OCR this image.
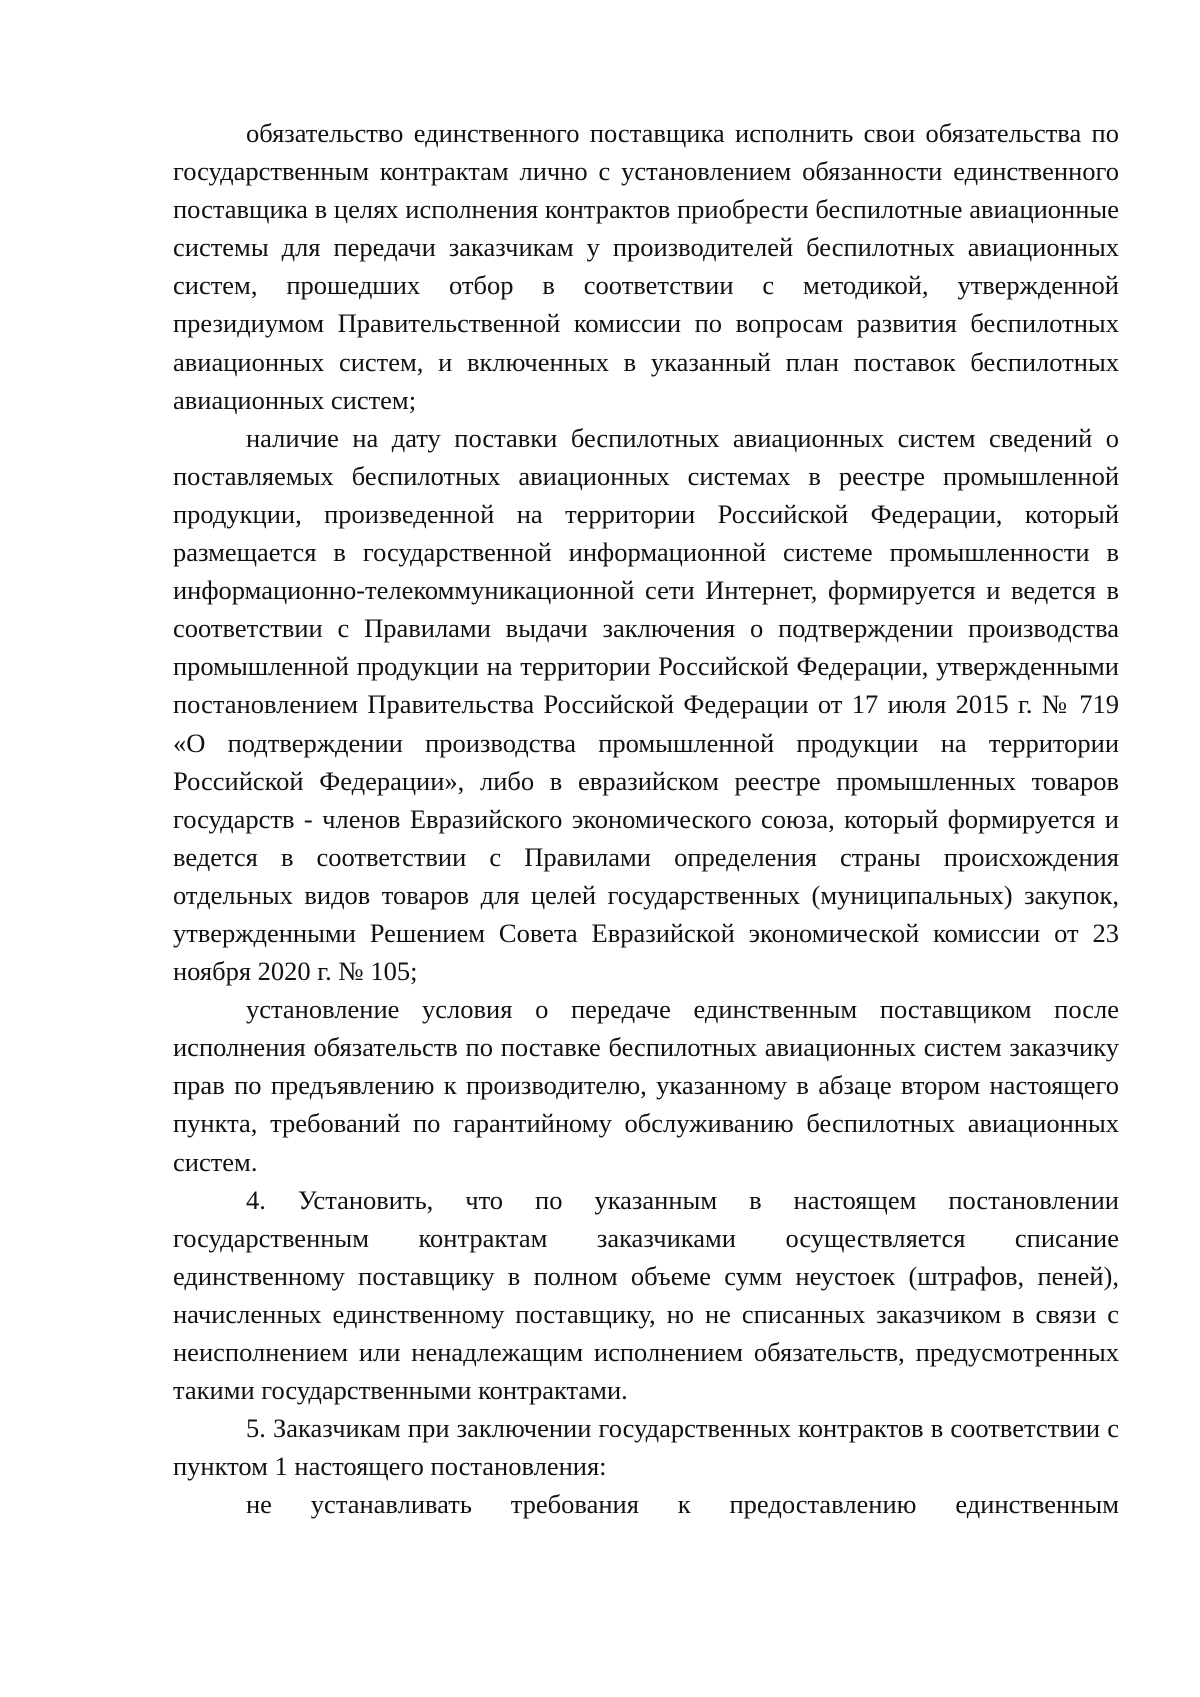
обязательство единственного поставщика исполнить свои обязательства по государственным контрактам лично с установлением обязанности единственного поставщика в целях исполнения контрактов приобрести беспилотные авиационные системы для передачи заказчикам у производителей беспилотных авиационных систем, прошедших отбор в соответствии с методикой, утвержденной президиумом Правительственной комиссии по вопросам развития беспилотных авиационных систем, и включенных в указанный план поставок беспилотных авиационных систем;

наличие на дату поставки беспилотных авиационных систем сведений о поставляемых беспилотных авиационных системах в реестре промышленной продукции, произведенной на территории Российской Федерации, который размещается в государственной информационной системе промышленности в информационно-телекоммуникационной сети Интернет, формируется и ведется в соответствии с Правилами выдачи заключения о подтверждении производства промышленной продукции на территории Российской Федерации, утвержденными постановлением Правительства Российской Федерации от 17 июля 2015 г. № 719 «О подтверждении производства промышленной продукции на территории Российской Федерации», либо в евразийском реестре промышленных товаров государств - членов Евразийского экономического союза, который формируется и ведется в соответствии с Правилами определения страны происхождения отдельных видов товаров для целей государственных (муниципальных) закупок, утвержденными Решением Совета Евразийской экономической комиссии от 23 ноября 2020 г. № 105;

установление условия о передаче единственным поставщиком после исполнения обязательств по поставке беспилотных авиационных систем заказчику прав по предъявлению к производителю, указанному в абзаце втором настоящего пункта, требований по гарантийному обслуживанию беспилотных авиационных систем.

4. Установить, что по указанным в настоящем постановлении государственным контрактам заказчиками осуществляется списание единственному поставщику в полном объеме сумм неустоек (штрафов, пеней), начисленных единственному поставщику, но не списанных заказчиком в связи с неисполнением или ненадлежащим исполнением обязательств, предусмотренных такими государственными контрактами.

5. Заказчикам при заключении государственных контрактов в соответствии с пунктом 1 настоящего постановления:

не устанавливать требования к предоставлению единственным
